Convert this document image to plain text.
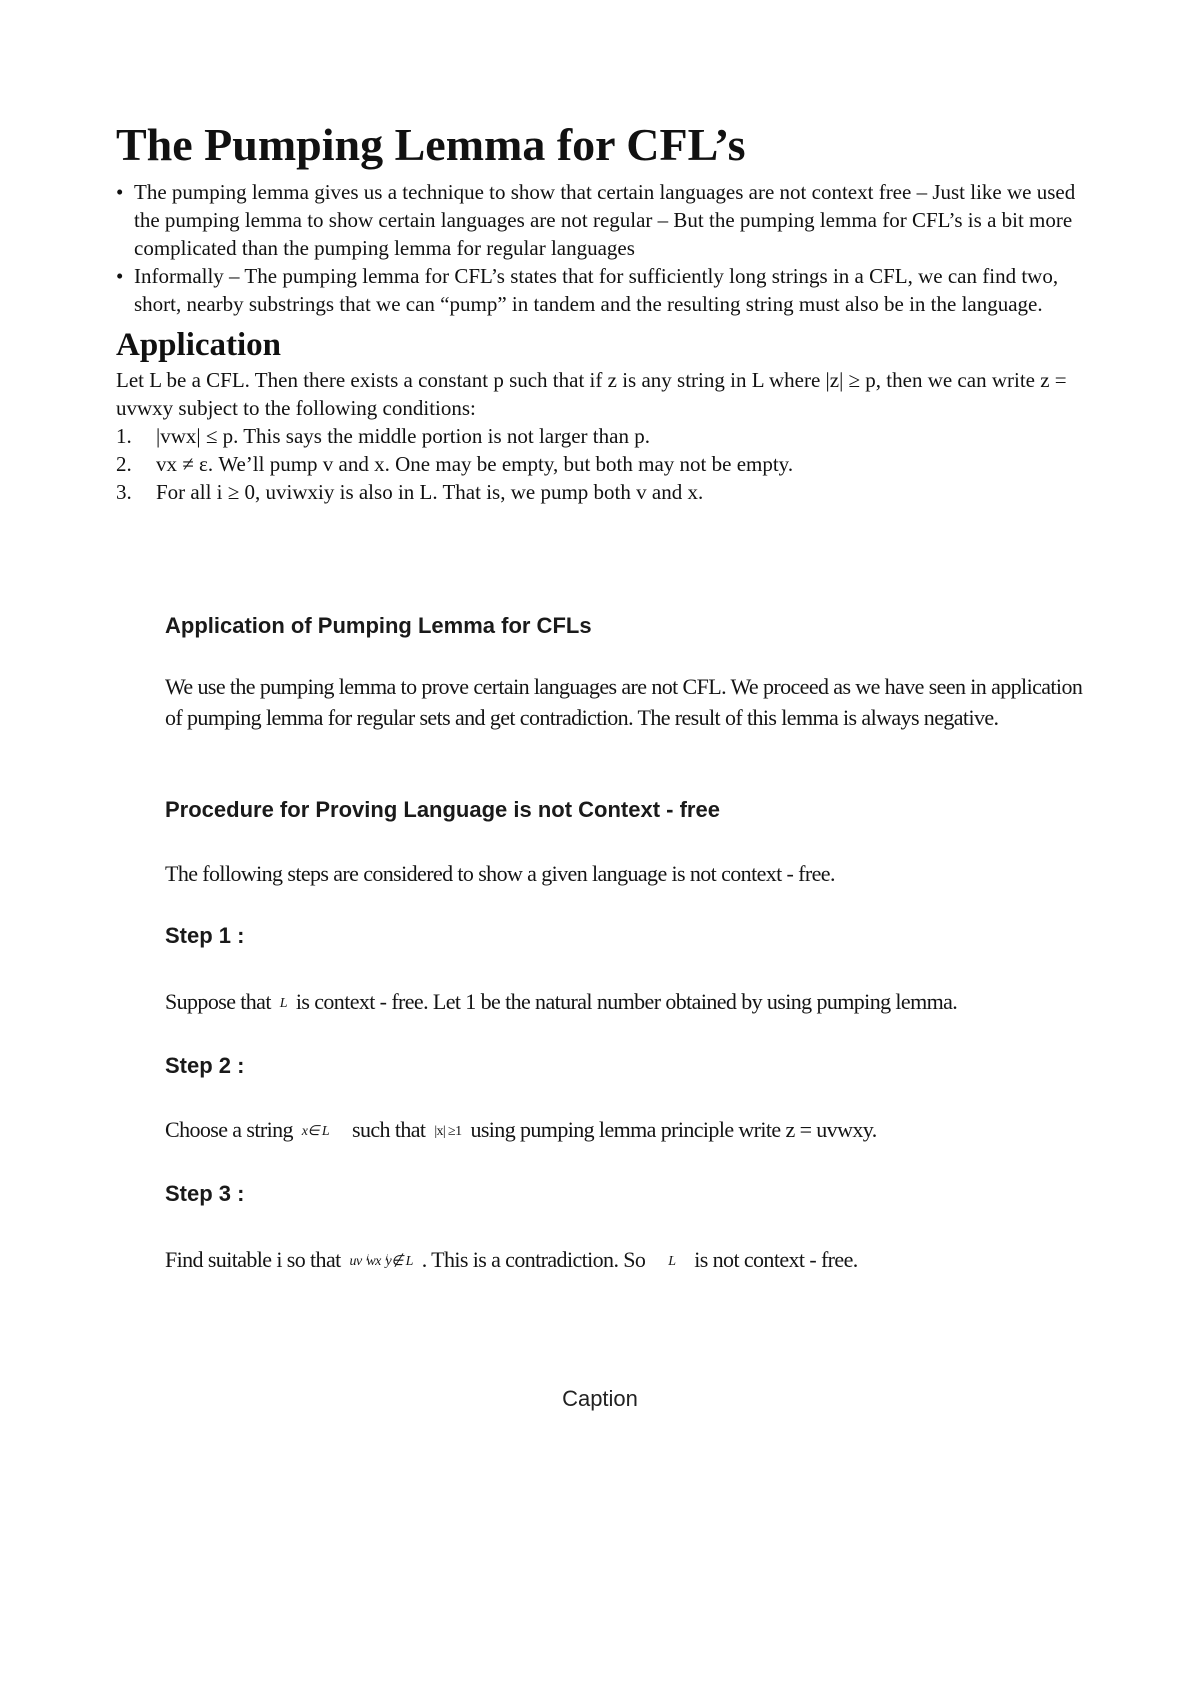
The Pumping Lemma for CFL’s
• The pumping lemma gives us a technique to show that certain languages are not context free – Just like we used the pumping lemma to show certain languages are not regular – But the pumping lemma for CFL’s is a bit more complicated than the pumping lemma for regular languages
• Informally – The pumping lemma for CFL’s states that for sufficiently long strings in a CFL, we can find two, short, nearby substrings that we can “pump” in tandem and the resulting string must also be in the language.
Application
Let L be a CFL. Then there exists a constant p such that if z is any string in L where |z| ≥ p, then we can write z = uvwxy subject to the following conditions:
1. |vwx| ≤ p. This says the middle portion is not larger than p.
2. vx ≠ ε. We’ll pump v and x. One may be empty, but both may not be empty.
3. For all i ≥ 0, uviwxiy is also in L. That is, we pump both v and x.
Application of Pumping Lemma for CFLs

We use the pumping lemma to prove certain languages are not CFL. We proceed as we have seen in application of pumping lemma for regular sets and get contradiction. The result of this lemma is always negative.

Procedure for Proving Language is not Context - free

The following steps are considered to show a given language is not context - free.

Step 1 :

Suppose that L is context - free. Let 1 be the natural number obtained by using pumping lemma.

Step 2 :

Choose a string x∈ L such that |x| ≥1 using pumping lemma principle write z = uvwxy.

Step 3 :

Find suitable i so that uv ⁱwx ⁱy∉ L . This is a contradiction. So L is not context - free.

Caption
